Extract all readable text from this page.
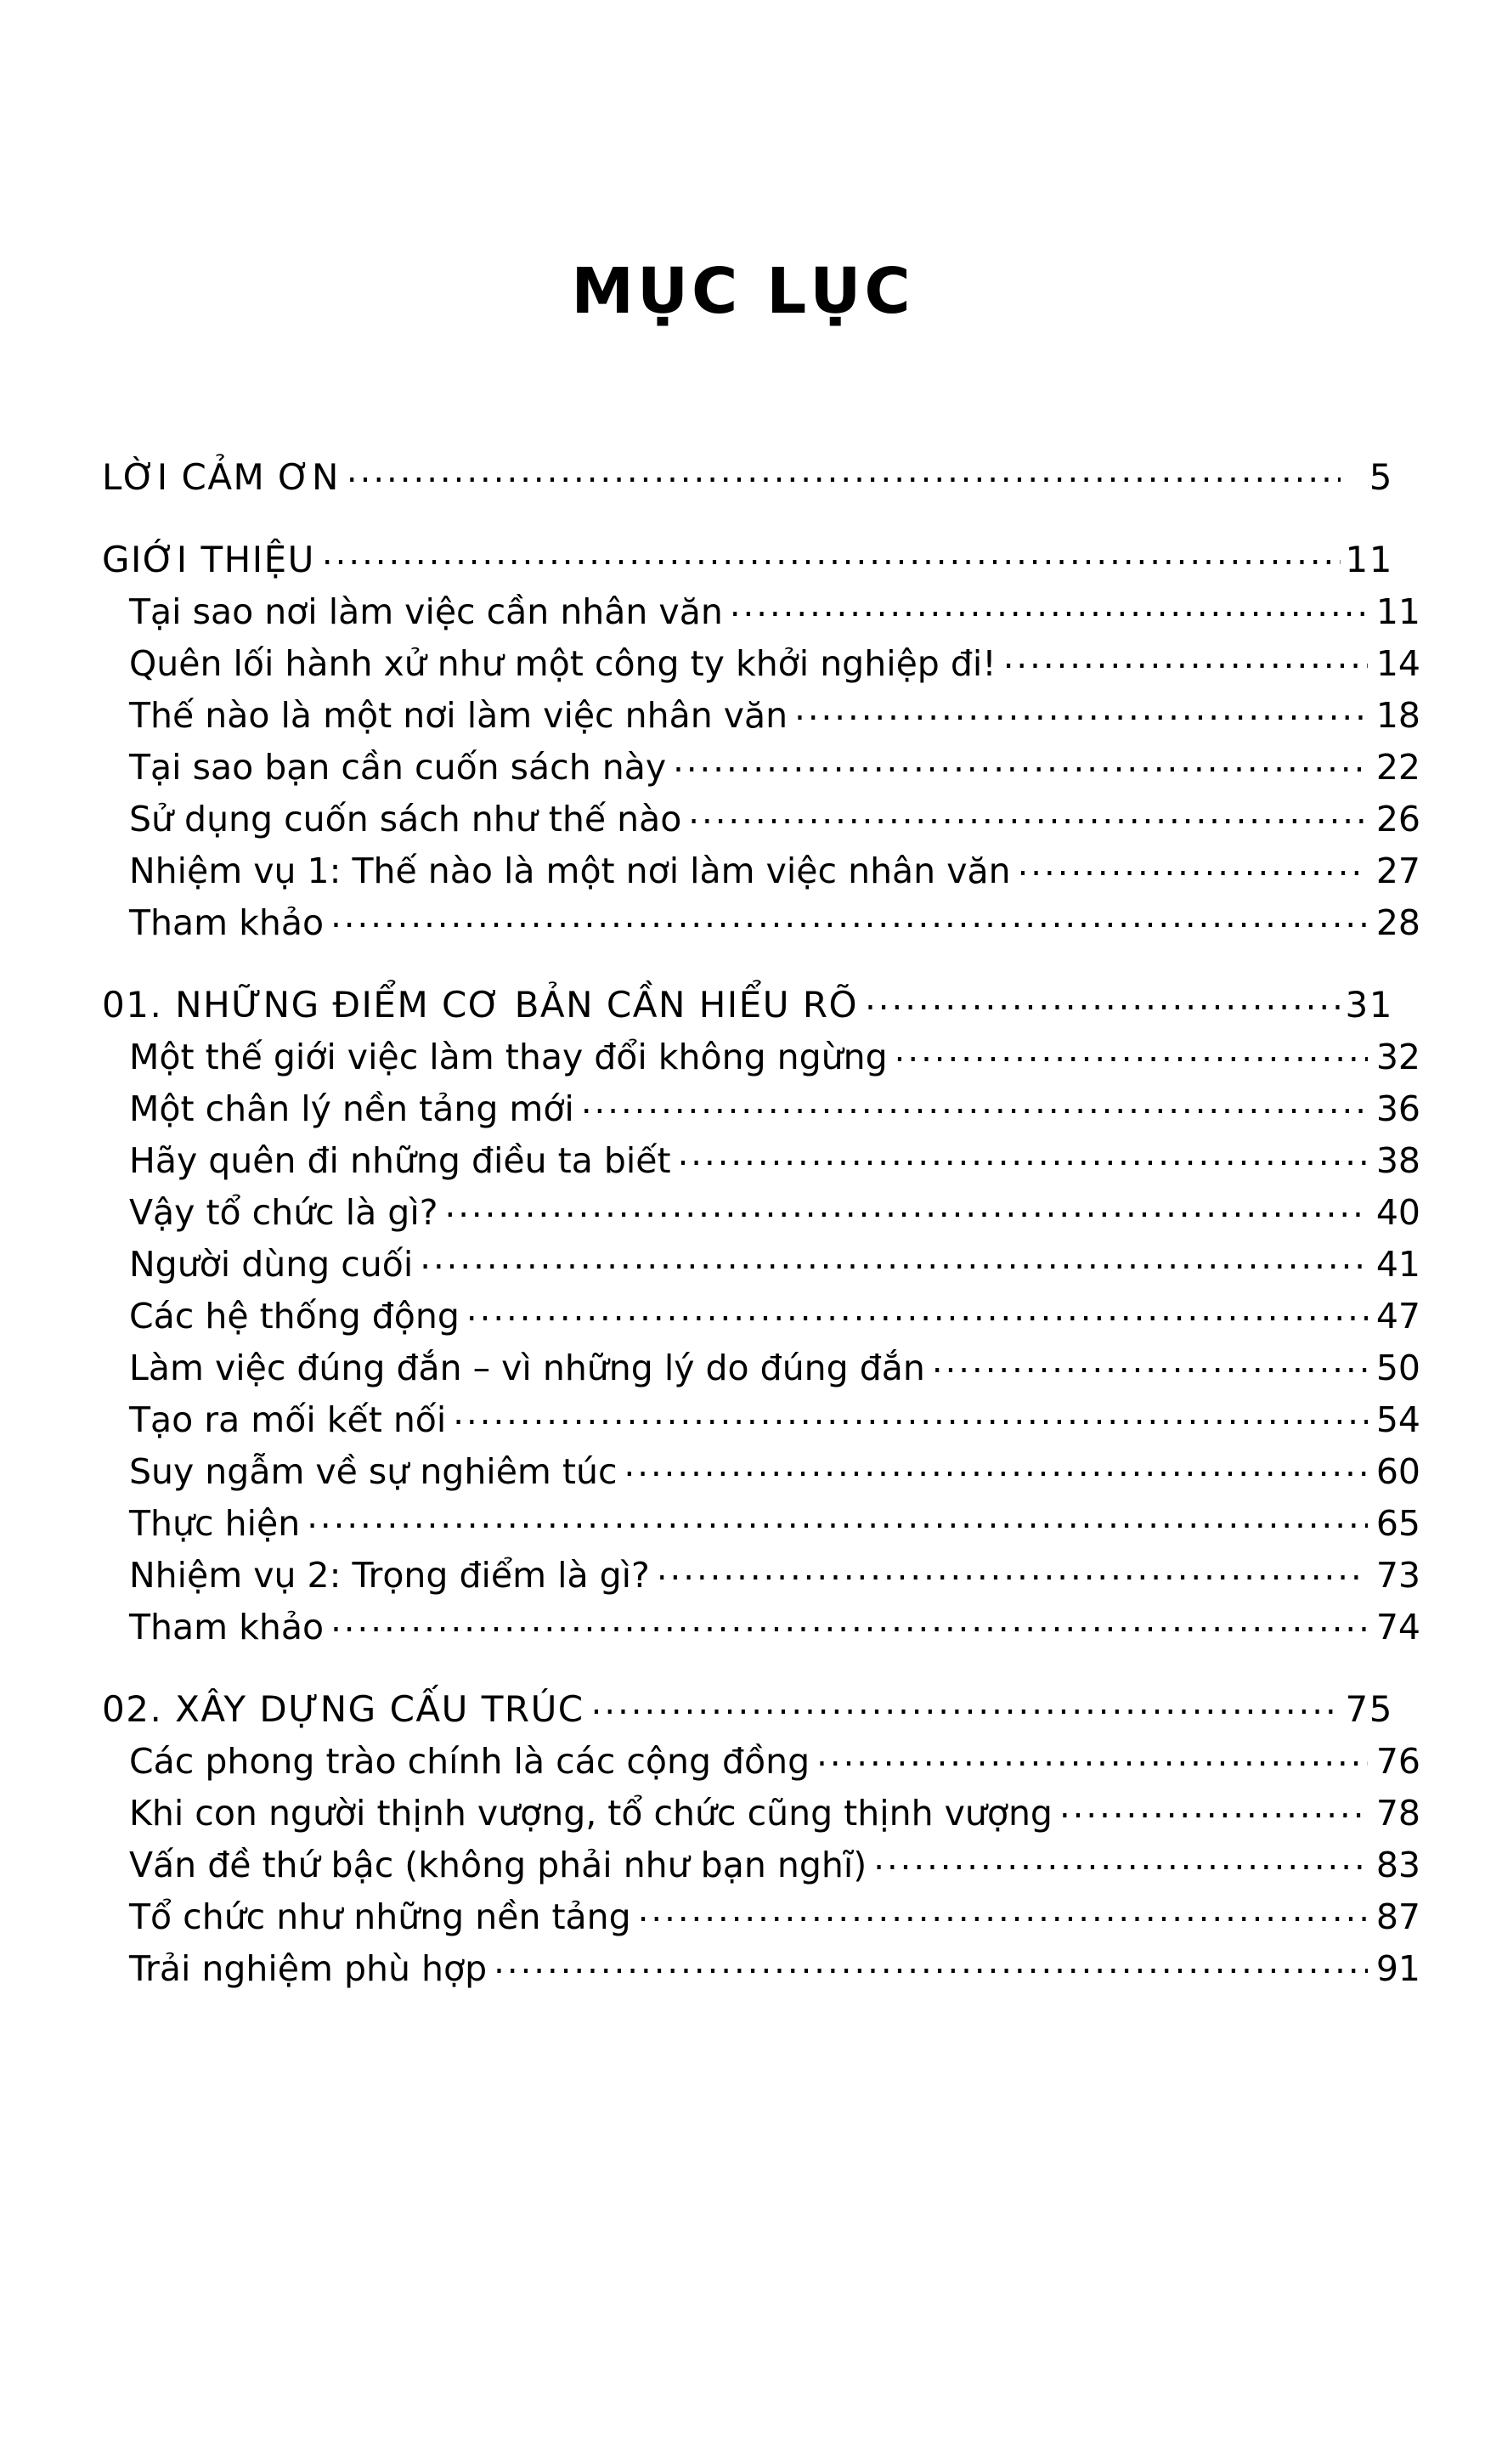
MỤC LỤC
LỜI CẢM ƠN .....	5
GIỚI THIỆU .....	11
Tại sao nơi làm việc cần nhân văn .....	11
Quên lối hành xử như một công ty khởi nghiệp đi! .....	14
Thế nào là một nơi làm việc nhân văn .....	18
Tại sao bạn cần cuốn sách này .....	22
Sử dụng cuốn sách như thế nào .....	26
Nhiệm vụ 1: Thế nào là một nơi làm việc nhân văn .....	27
Tham khảo .....	28
01. NHỮNG ĐIỂM CƠ BẢN CẦN HIỂU RÕ .....	31
Một thế giới việc làm thay đổi không ngừng .....	32
Một chân lý nền tảng mới .....	36
Hãy quên đi những điều ta biết .....	38
Vậy tổ chức là gì? .....	40
Người dùng cuối .....	41
Các hệ thống động .....	47
Làm việc đúng đắn – vì những lý do đúng đắn .....	50
Tạo ra mối kết nối .....	54
Suy ngẫm về sự nghiêm túc .....	60
Thực hiện .....	65
Nhiệm vụ 2: Trọng điểm là gì? .....	73
Tham khảo .....	74
02. XÂY DỰNG CẤU TRÚC .....	75
Các phong trào chính là các cộng đồng .....	76
Khi con người thịnh vượng, tổ chức cũng thịnh vượng .....	78
Vấn đề thứ bậc (không phải như bạn nghĩ) .....	83
Tổ chức như những nền tảng .....	87
Trải nghiệm phù hợp .....	91
